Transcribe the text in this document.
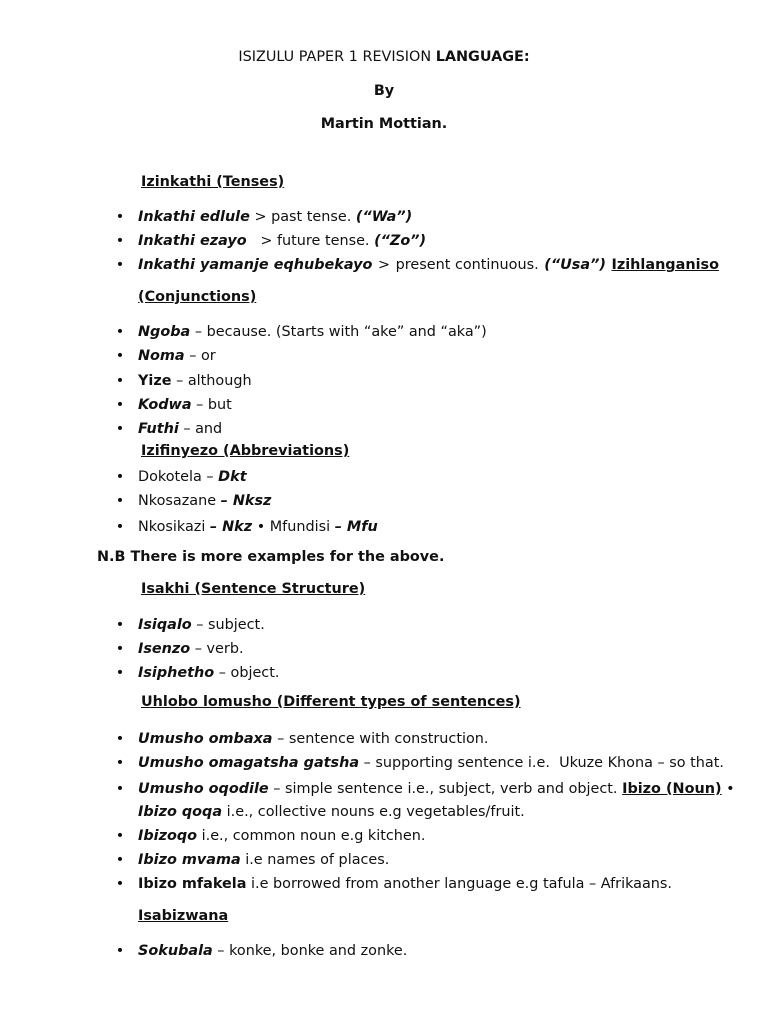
ISIZULU PAPER 1 REVISION LANGUAGE:
By
Martin Mottian.
Izinkathi (Tenses)
• Inkathi edlule > past tense. (“Wa”)
• Inkathi ezayo   > future tense. (“Zo”)
• Inkathi yamanje eqhubekayo > present continuous. (“Usa”) Izihlanganiso
(Conjunctions)
• Ngoba – because. (Starts with “ake” and “aka”)
• Noma – or
• Yize – although
• Kodwa – but
• Futhi – and
Izifinyezo (Abbreviations)
• Dokotela – Dkt
• Nkosazane – Nksz
• Nkosikazi – Nkz • Mfundisi – Mfu
N.B There is more examples for the above.
Isakhi (Sentence Structure)
• Isiqalo – subject.
• Isenzo – verb.
• Isiphetho – object.
Uhlobo lomusho (Different types of sentences)
• Umusho ombaxa – sentence with construction.
• Umusho omagatsha gatsha – supporting sentence i.e.  Ukuze Khona – so that.
• Umusho oqodile – simple sentence i.e., subject, verb and object. Ibizo (Noun) •
Ibizo qoqa i.e., collective nouns e.g vegetables/fruit.
• Ibizoqo i.e., common noun e.g kitchen.
• Ibizo mvama i.e names of places.
• Ibizo mfakela i.e borrowed from another language e.g tafula – Afrikaans.
Isabizwana
• Sokubala – konke, bonke and zonke.
